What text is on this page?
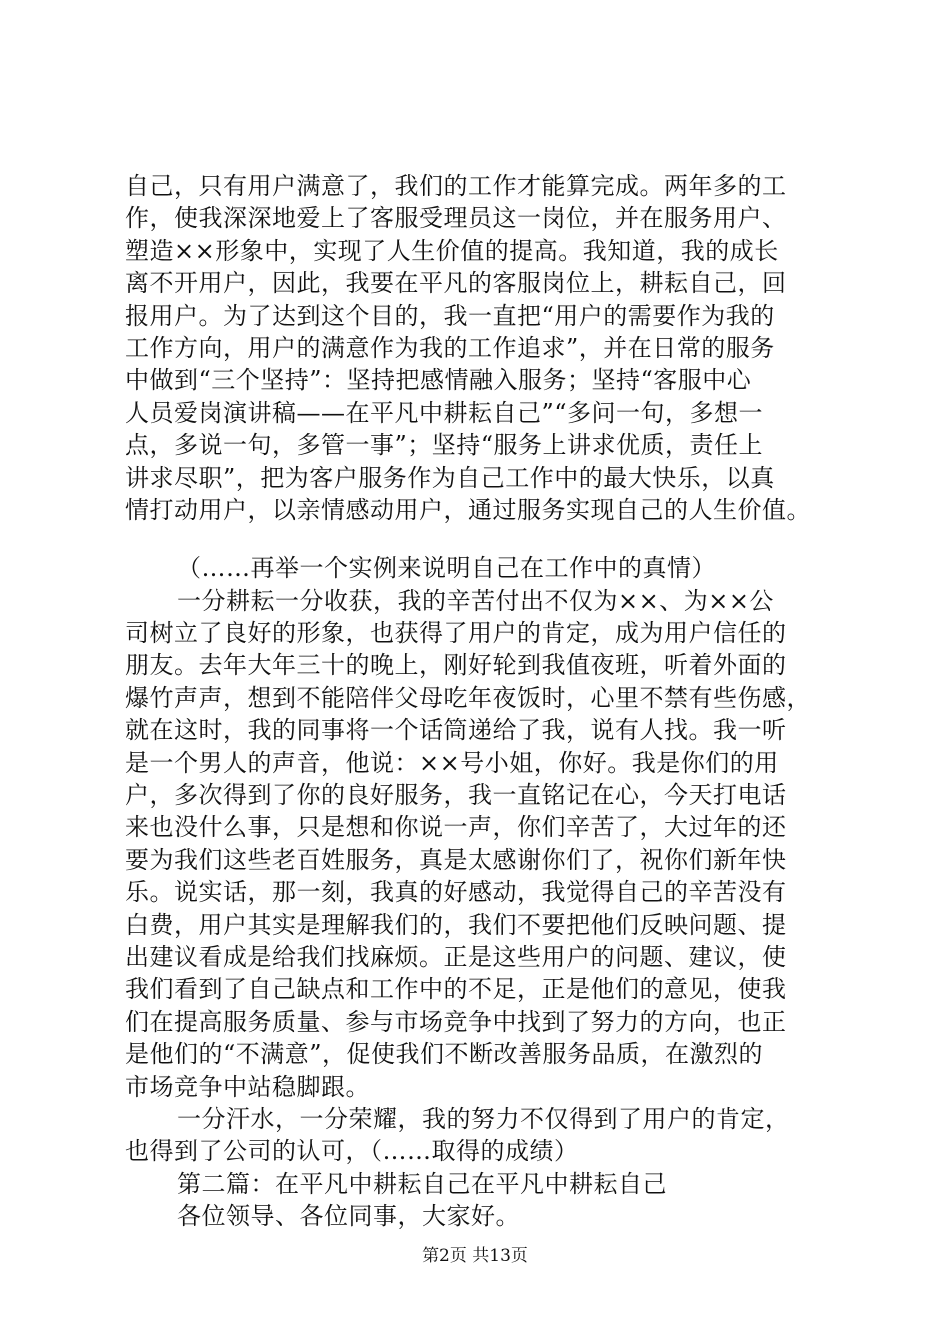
自己，只有用户满意了，我们的工作才能算完成。两年多的工
作，使我深深地爱上了客服受理员这一岗位，并在服务用户、
塑造××形象中，实现了人生价值的提高。我知道，我的成长
离不开用户，因此，我要在平凡的客服岗位上，耕耘自己，回
报用户。为了达到这个目的，我一直把“用户的需要作为我的
工作方向，用户的满意作为我的工作追求”，并在日常的服务
中做到“三个坚持”：坚持把感情融入服务；坚持“客服中心
人员爱岗演讲稿——在平凡中耕耘自己”“多问一句，多想一
点，多说一句，多管一事”；坚持“服务上讲求优质，责任上
讲求尽职”，把为客户服务作为自己工作中的最大快乐，以真
情打动用户，以亲情感动用户，通过服务实现自己的人生价值。
（……再举一个实例来说明自己在工作中的真情）
一分耕耘一分收获，我的辛苦付出不仅为××、为××公
司树立了良好的形象，也获得了用户的肯定，成为用户信任的
朋友。去年大年三十的晚上，刚好轮到我值夜班，听着外面的
爆竹声声，想到不能陪伴父母吃年夜饭时，心里不禁有些伤感，
就在这时，我的同事将一个话筒递给了我，说有人找。我一听
是一个男人的声音，他说：××号小姐，你好。我是你们的用
户，多次得到了你的良好服务，我一直铭记在心，今天打电话
来也没什么事，只是想和你说一声，你们辛苦了，大过年的还
要为我们这些老百姓服务，真是太感谢你们了，祝你们新年快
乐。说实话，那一刻，我真的好感动，我觉得自己的辛苦没有
白费，用户其实是理解我们的，我们不要把他们反映问题、提
出建议看成是给我们找麻烦。正是这些用户的问题、建议，使
我们看到了自己缺点和工作中的不足，正是他们的意见，使我
们在提高服务质量、参与市场竞争中找到了努力的方向，也正
是他们的“不满意”，促使我们不断改善服务品质，在激烈的
市场竞争中站稳脚跟。
一分汗水，一分荣耀，我的努力不仅得到了用户的肯定，
也得到了公司的认可，（……取得的成绩）
第二篇：在平凡中耕耘自己在平凡中耕耘自己
各位领导、各位同事，大家好。
第2页 共13页
